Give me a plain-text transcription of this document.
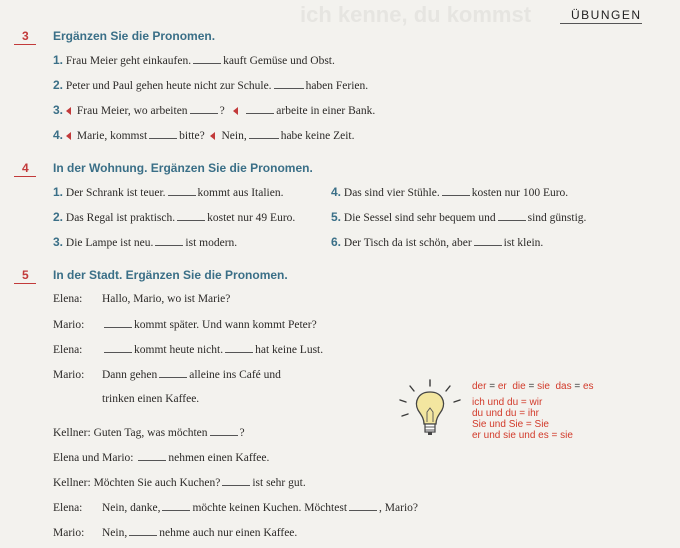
ich kenne, du kommst	ÜBUNGEN
3 Ergänzen Sie die Pronomen.
1. Frau Meier geht einkaufen.	kauft Gemüse und Obst.
2. Peter und Paul gehen heute nicht zur Schule.	haben Ferien.
3. Frau Meier, wo arbeiten	?	arbeite in einer Bank.
4. Marie, kommst	bitte? Nein,	habe keine Zeit.
4 In der Wohnung. Ergänzen Sie die Pronomen.
1. Der Schrank ist teuer.	kommt aus Italien.
2. Das Regal ist praktisch.	kostet nur 49 Euro.
3. Die Lampe ist neu.	ist modern.
4. Das sind vier Stühle.	kosten nur 100 Euro.
5. Die Sessel sind sehr bequem und	sind günstig.
6. Der Tisch da ist schön, aber	ist klein.
5 In der Stadt. Ergänzen Sie die Pronomen.
Elena: Hallo, Mario, wo ist Marie?
Mario:	kommt später. Und wann kommt Peter?
Elena:	kommt heute nicht.	hat keine Lust.
Mario: Dann gehen	alleine ins Café und
trinken einen Kaffee.
Kellner: Guten Tag, was möchten	?
Elena und Mario:	nehmen einen Kaffee.
Kellner: Möchten Sie auch Kuchen?	ist sehr gut.
Elena: Nein, danke,	möchte keinen Kuchen. Möchtest	, Mario?
Mario: Nein,	nehme auch nur einen Kaffee.
der = er die = sie das = es
ich und du = wir
du und du = ihr
Sie und Sie = Sie
er und sie und es = sie
